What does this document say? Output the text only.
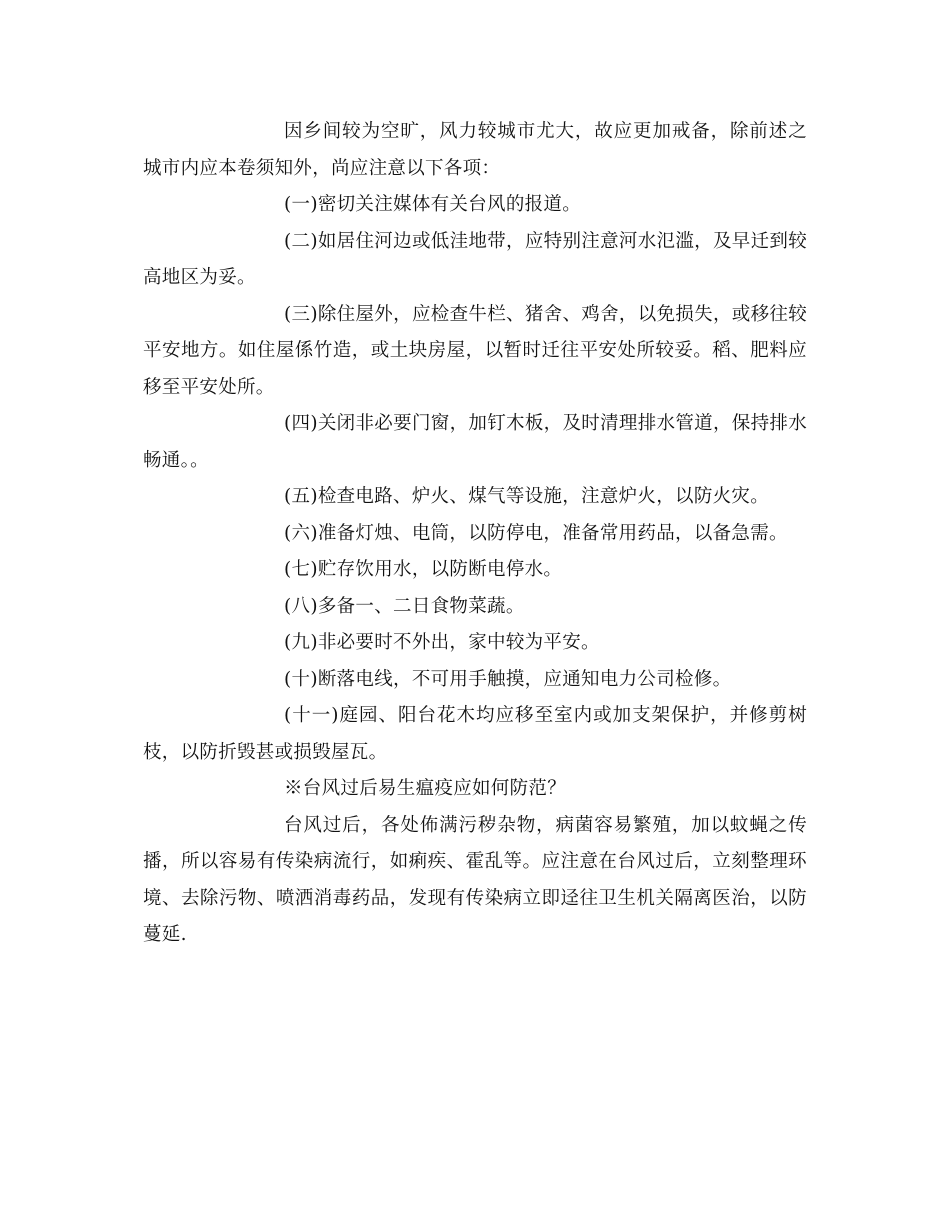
因乡间较为空旷，风力较城市尤大，故应更加戒备，除前述之城市内应本卷须知外，尚应注意以下各项：

(一)密切关注媒体有关台风的报道。

(二)如居住河边或低洼地带，应特别注意河水氾滥，及早迁到较高地区为妥。

(三)除住屋外，应检查牛栏、猪舍、鸡舍，以免损失，或移往较平安地方。如住屋係竹造，或土块房屋，以暂时迁往平安处所较妥。稻、肥料应移至平安处所。

(四)关闭非必要门窗，加钉木板，及时清理排水管道，保持排水畅通。。

(五)检查电路、炉火、煤气等设施，注意炉火，以防火灾。

(六)准备灯烛、电筒，以防停电，准备常用药品，以备急需。

(七)贮存饮用水，以防断电停水。

(八)多备一、二日食物菜蔬。

(九)非必要时不外出，家中较为平安。

(十)断落电线，不可用手触摸，应通知电力公司检修。

(十一)庭园、阳台花木均应移至室内或加支架保护，并修剪树枝，以防折毁甚或损毁屋瓦。

※台风过后易生瘟疫应如何防范？

台风过后，各处佈满污秽杂物，病菌容易繁殖，加以蚊蝇之传播，所以容易有传染病流行，如痢疾、霍乱等。应注意在台风过后，立刻整理环境、去除污物、喷洒消毒药品，发现有传染病立即迳往卫生机关隔离医治，以防蔓延.
